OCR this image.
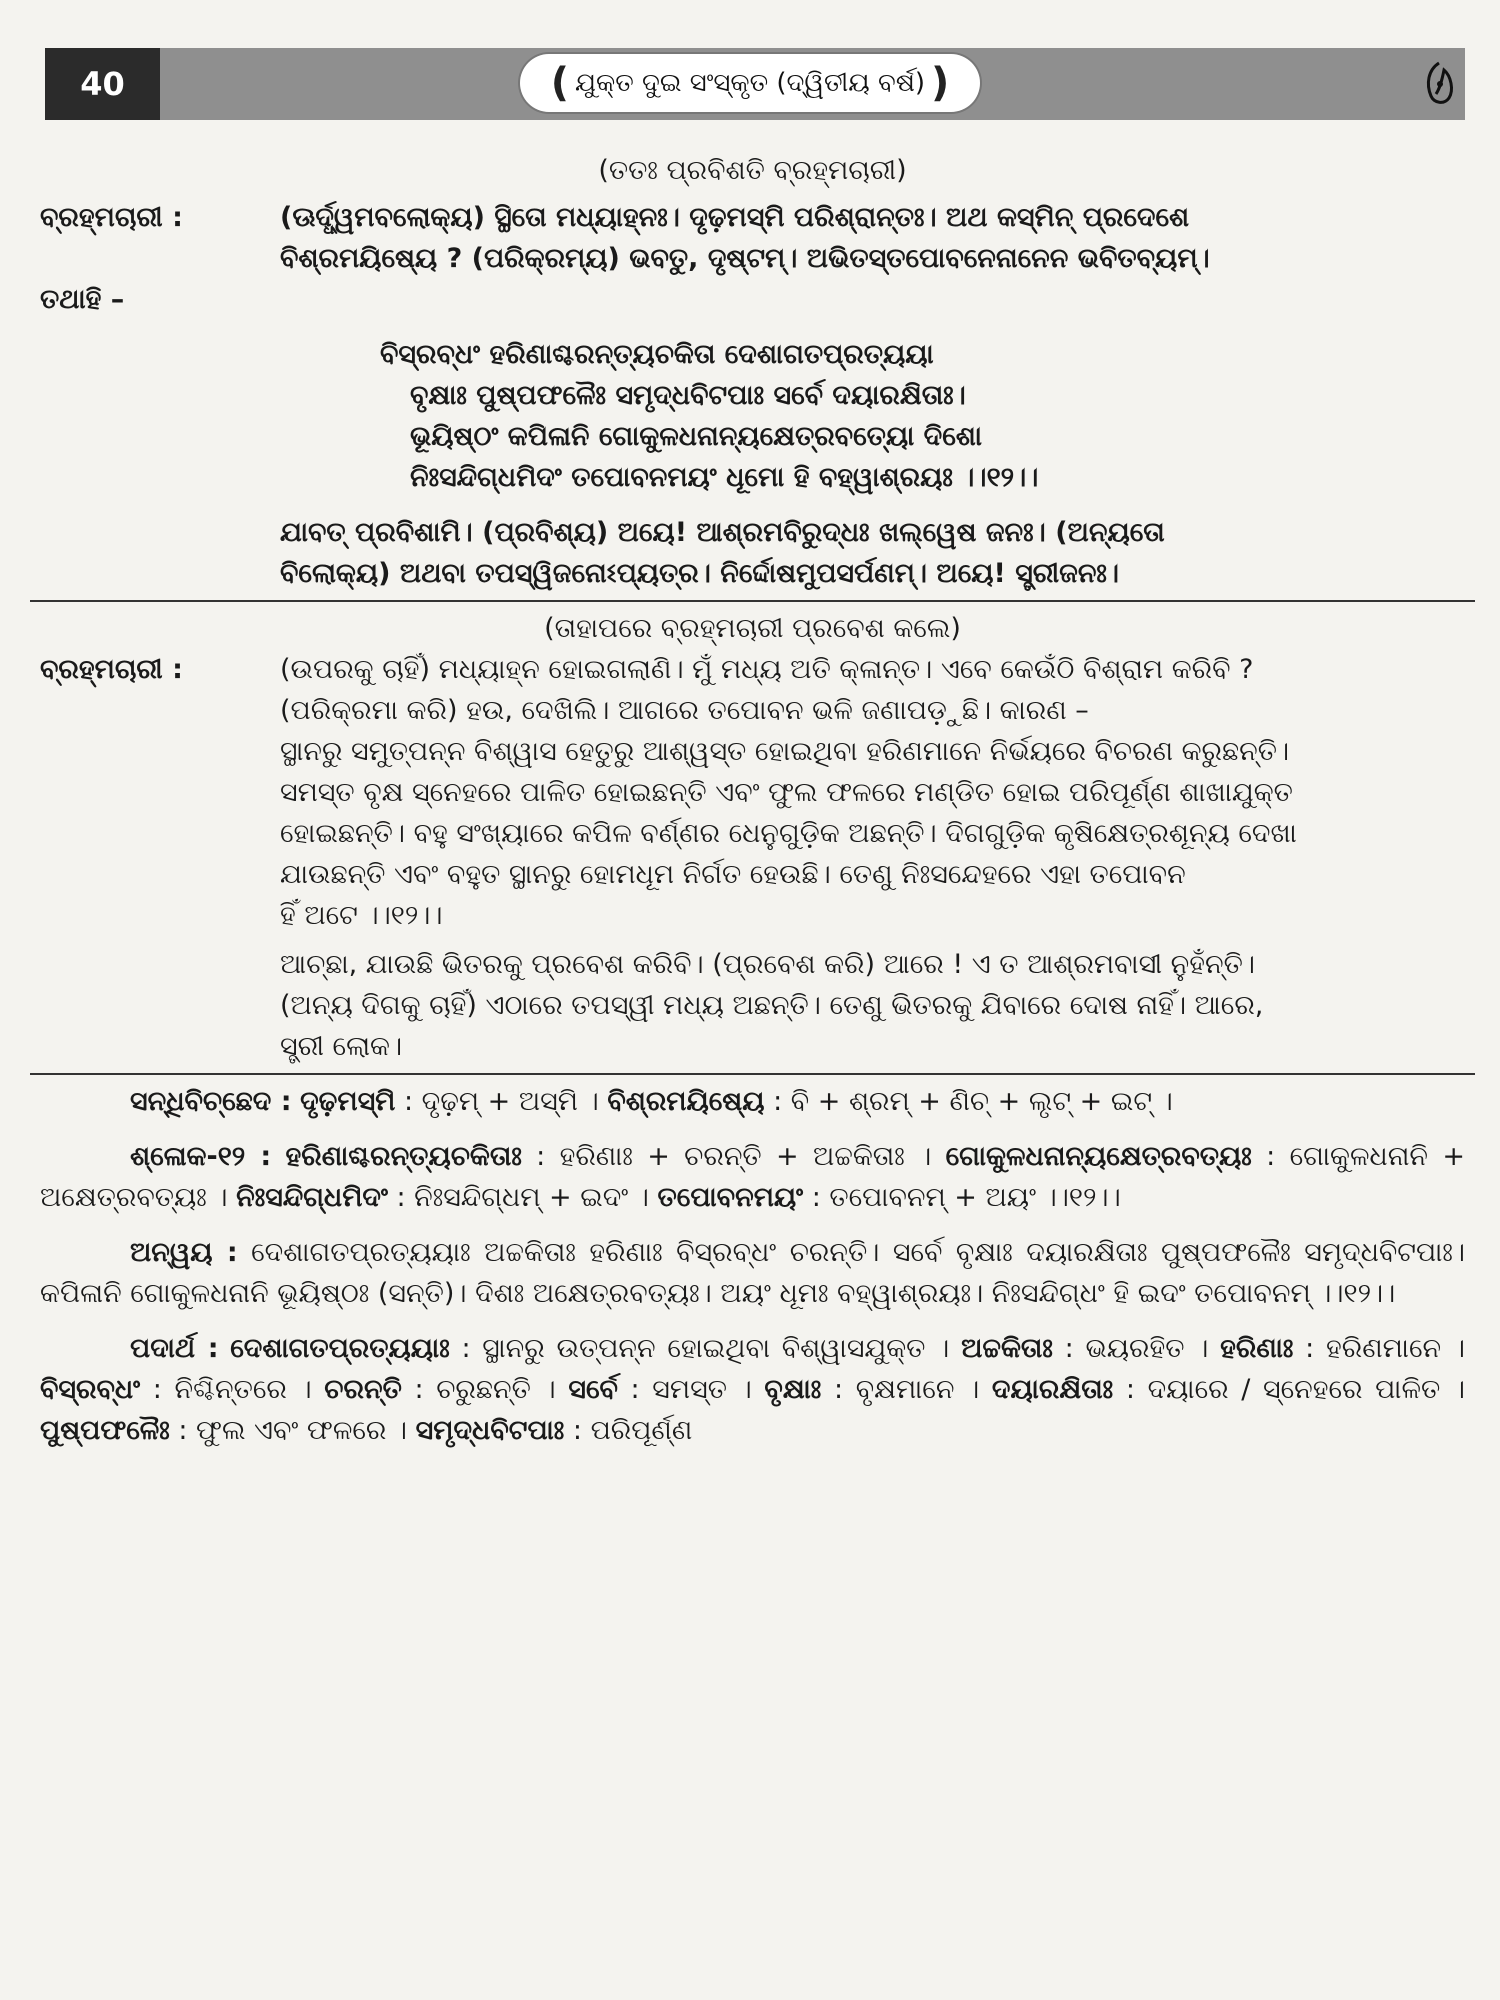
40	( ଯୁକ୍ତ ଦୁଇ ସଂସ୍କୃତ (ଦ୍ୱିତୀୟ ବର୍ଷ) )
(ତତଃ ପ୍ରବିଶତି ବ୍ରହ୍ମଚାରୀ)
ବ୍ରହ୍ମଚାରୀ :	(ଊର୍ଦ୍ଧ୍ୱମବଲୋକ୍ୟ) ସ୍ଥିତୋ ମଧ୍ୟାହ୍ନଃ। ଦୃଢ଼ମସ୍ମି ପରିଶ୍ରାନ୍ତଃ। ଅଥ କସ୍ମିନ୍ ପ୍ରଦେଶେ
ବିଶ୍ରମୟିଷ୍ୟେ ? (ପରିକ୍ରମ୍ୟ) ଭବତୁ, ଦୃଷ୍ଟମ୍। ଅଭିତସ୍ତପୋବନେନାନେନ ଭବିତବ୍ୟମ୍।
ତଥାହି –
ବିସ୍ରବ୍ଧଂ ହରିଣାଶ୍ଚରନ୍ତ୍ୟଚକିତା ଦେଶାଗତପ୍ରତ୍ୟୟା
ବୃକ୍ଷାଃ ପୁଷ୍ପଫଳୈଃ ସମୃଦ୍ଧବିଟପାଃ ସର୍ବେ ଦୟାରକ୍ଷିତାଃ।
ଭୂୟିଷ୍ଠଂ କପିଳାନି ଗୋକୁଳଧନାନ୍ୟକ୍ଷେତ୍ରବତ୍ୟୋ ଦିଶୋ
ନିଃସନ୍ଦିଗ୍ଧମିଦଂ ତପୋବନମୟଂ ଧୂମୋ ହି ବହ୍ୱାଶ୍ରୟଃ ।।୧୨।।
ଯାବତ୍ ପ୍ରବିଶାମି। (ପ୍ରବିଶ୍ୟ) ଅୟେ! ଆଶ୍ରମବିରୁଦ୍ଧଃ ଖଲ୍ୱେଷ ଜନଃ। (ଅନ୍ୟତୋ
ବିଲୋକ୍ୟ) ଅଥବା ତପସ୍ୱିଜନୋଽପ୍ୟତ୍ର। ନିର୍ଦ୍ଦୋଷମୁପସର୍ପଣମ୍। ଅୟେ! ସ୍ତ୍ରୀଜନଃ।
(ତାହାପରେ ବ୍ରହ୍ମଚାରୀ ପ୍ରବେଶ କଲେ)
ବ୍ରହ୍ମଚାରୀ :	(ଉପରକୁ ଚାହିଁ) ମଧ୍ୟାହ୍ନ ହୋଇଗଲାଣି। ମୁଁ ମଧ୍ୟ ଅତି କ୍ଳାନ୍ତ। ଏବେ କେଉଁଠି ବିଶ୍ରାମ କରିବି ?
(ପରିକ୍ରମା କରି) ହଉ, ଦେଖିଲି। ଆଗରେ ତପୋବନ ଭଳି ଜଣାପଡ଼ୁଛି। କାରଣ –
ସ୍ଥାନରୁ ସମୁତ୍ପନ୍ନ ବିଶ୍ୱାସ ହେତୁରୁ ଆଶ୍ୱସ୍ତ ହୋଇଥିବା ହରିଣମାନେ ନିର୍ଭୟରେ ବିଚରଣ କରୁଛନ୍ତି।
ସମସ୍ତ ବୃକ୍ଷ ସ୍ନେହରେ ପାଳିତ ହୋଇଛନ୍ତି ଏବଂ ଫୁଲ ଫଳରେ ମଣ୍ଡିତ ହୋଇ ପରିପୂର୍ଣ୍ଣ ଶାଖାଯୁକ୍ତ
ହୋଇଛନ୍ତି। ବହୁ ସଂଖ୍ୟାରେ କପିଳ ବର୍ଣ୍ଣର ଧେନୁଗୁଡ଼ିକ ଅଛନ୍ତି। ଦିଗଗୁଡ଼ିକ କୃଷିକ୍ଷେତ୍ରଶୂନ୍ୟ ଦେଖା
ଯାଉଛନ୍ତି ଏବଂ ବହୁତ ସ୍ଥାନରୁ ହୋମଧୂମ ନିର୍ଗତ ହେଉଛି। ତେଣୁ ନିଃସନ୍ଦେହରେ ଏହା ତପୋବନ
ହିଁ ଅଟେ ।।୧୨।।
ଆଚ୍ଛା, ଯାଉଛି ଭିତରକୁ ପ୍ରବେଶ କରିବି। (ପ୍ରବେଶ କରି) ଆରେ ! ଏ ତ ଆଶ୍ରମବାସୀ ନୁହଁନ୍ତି।
(ଅନ୍ୟ ଦିଗକୁ ଚାହିଁ) ଏଠାରେ ତପସ୍ୱୀ ମଧ୍ୟ ଅଛନ୍ତି। ତେଣୁ ଭିତରକୁ ଯିବାରେ ଦୋଷ ନାହିଁ। ଆରେ,
ସ୍ତ୍ରୀ ଲୋକ।
ସନ୍ଧିବିଚ୍ଛେଦ : ଦୃଢ଼ମସ୍ମି : ଦୃଢ଼ମ୍ + ଅସ୍ମି । ବିଶ୍ରମୟିଷ୍ୟେ : ବି + ଶ୍ରମ୍ + ଣିଚ୍ + ଲୃଟ୍ + ଇଟ୍ ।
ଶ୍ଳୋକ-୧୨ : ହରିଣାଶ୍ଚରନ୍ତ୍ୟଚକିତାଃ : ହରିଣାଃ + ଚରନ୍ତି + ଅଚ୍ଚକିତାଃ । ଗୋକୁଳଧନାନ୍ୟକ୍ଷେତ୍ରବତ୍ୟଃ : ଗୋକୁଳଧନାନି + ଅକ୍ଷେତ୍ରବତ୍ୟଃ । ନିଃସନ୍ଦିଗ୍ଧମିଦଂ : ନିଃସନ୍ଦିଗ୍ଧମ୍ + ଇଦଂ । ତପୋବନମୟଂ : ତପୋବନମ୍ + ଅୟଂ ।।୧୨।।
ଅନ୍ୱୟ : ଦେଶାଗତପ୍ରତ୍ୟୟାଃ ଅଚ୍ଚକିତାଃ ହରିଣାଃ ବିସ୍ରବ୍ଧଂ ଚରନ୍ତି। ସର୍ବେ ବୃକ୍ଷାଃ ଦୟାରକ୍ଷିତାଃ ପୁଷ୍ପଫଳୈଃ ସମୃଦ୍ଧବିଟପାଃ। କପିଳାନି ଗୋକୁଳଧନାନି ଭୂୟିଷ୍ଠଃ (ସନ୍ତି)। ଦିଶଃ ଅକ୍ଷେତ୍ରବତ୍ୟଃ। ଅୟଂ ଧୂମଃ ବହ୍ୱାଶ୍ରୟଃ। ନିଃସନ୍ଦିଗ୍ଧଂ ହି ଇଦଂ ତପୋବନମ୍ ।।୧୨।।
ପଦାର୍ଥ : ଦେଶାଗତପ୍ରତ୍ୟୟାଃ : ସ୍ଥାନରୁ ଉତ୍ପନ୍ନ ହୋଇଥିବା ବିଶ୍ୱାସଯୁକ୍ତ । ଅଚ୍ଚକିତାଃ : ଭୟରହିତ । ହରିଣାଃ : ହରିଣମାନେ । ବିସ୍ରବ୍ଧଂ : ନିଶ୍ଚିନ୍ତରେ । ଚରନ୍ତି : ଚରୁଛନ୍ତି । ସର୍ବେ : ସମସ୍ତ । ବୃକ୍ଷାଃ : ବୃକ୍ଷମାନେ । ଦୟାରକ୍ଷିତାଃ : ଦୟାରେ / ସ୍ନେହରେ ପାଳିତ । ପୁଷ୍ପଫଳୈଃ : ଫୁଲ ଏବଂ ଫଳରେ । ସମୃଦ୍ଧବିଟପାଃ : ପରିପୂର୍ଣ୍ଣ
